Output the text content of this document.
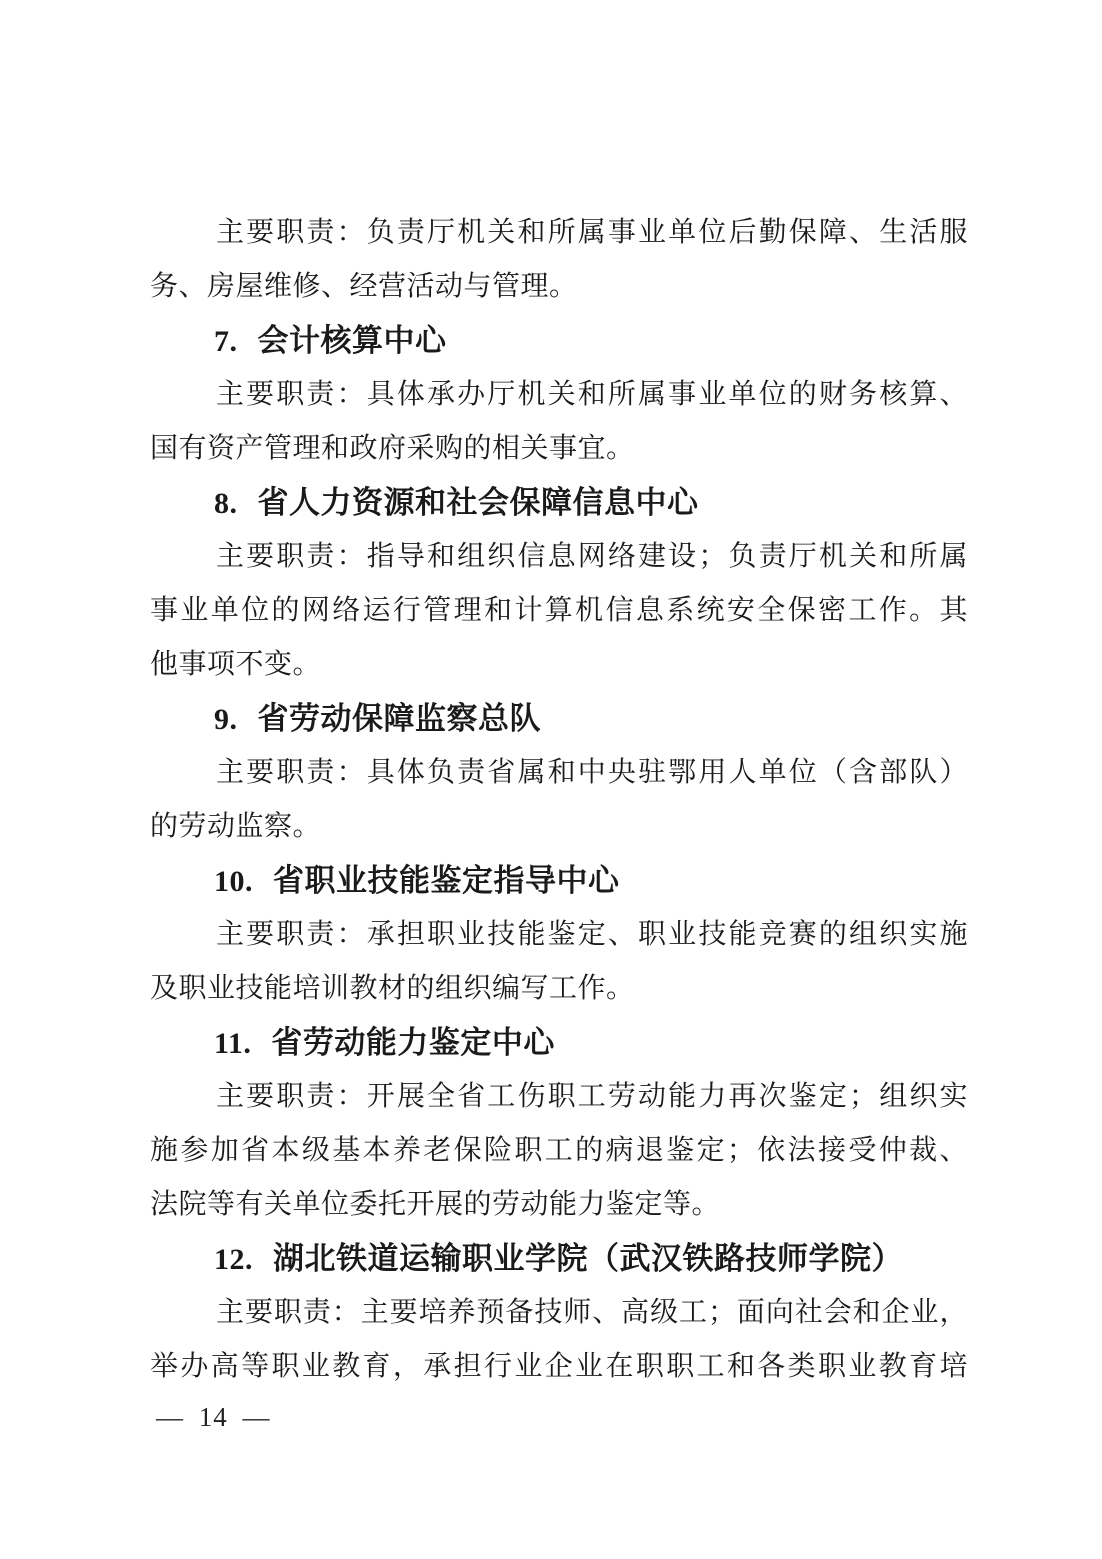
主要职责：负责厅机关和所属事业单位后勤保障、生活服
务、房屋维修、经营活动与管理。
7. 会计核算中心
主要职责：具体承办厅机关和所属事业单位的财务核算、
国有资产管理和政府采购的相关事宜。
8. 省人力资源和社会保障信息中心
主要职责：指导和组织信息网络建设；负责厅机关和所属
事业单位的网络运行管理和计算机信息系统安全保密工作。其
他事项不变。
9. 省劳动保障监察总队
主要职责：具体负责省属和中央驻鄂用人单位（含部队）
的劳动监察。
10. 省职业技能鉴定指导中心
主要职责：承担职业技能鉴定、职业技能竞赛的组织实施
及职业技能培训教材的组织编写工作。
11. 省劳动能力鉴定中心
主要职责：开展全省工伤职工劳动能力再次鉴定；组织实
施参加省本级基本养老保险职工的病退鉴定；依法接受仲裁、
法院等有关单位委托开展的劳动能力鉴定等。
12. 湖北铁道运输职业学院（武汉铁路技师学院）
主要职责：主要培养预备技师、高级工；面向社会和企业，
举办高等职业教育，承担行业企业在职职工和各类职业教育培
— 14 —
